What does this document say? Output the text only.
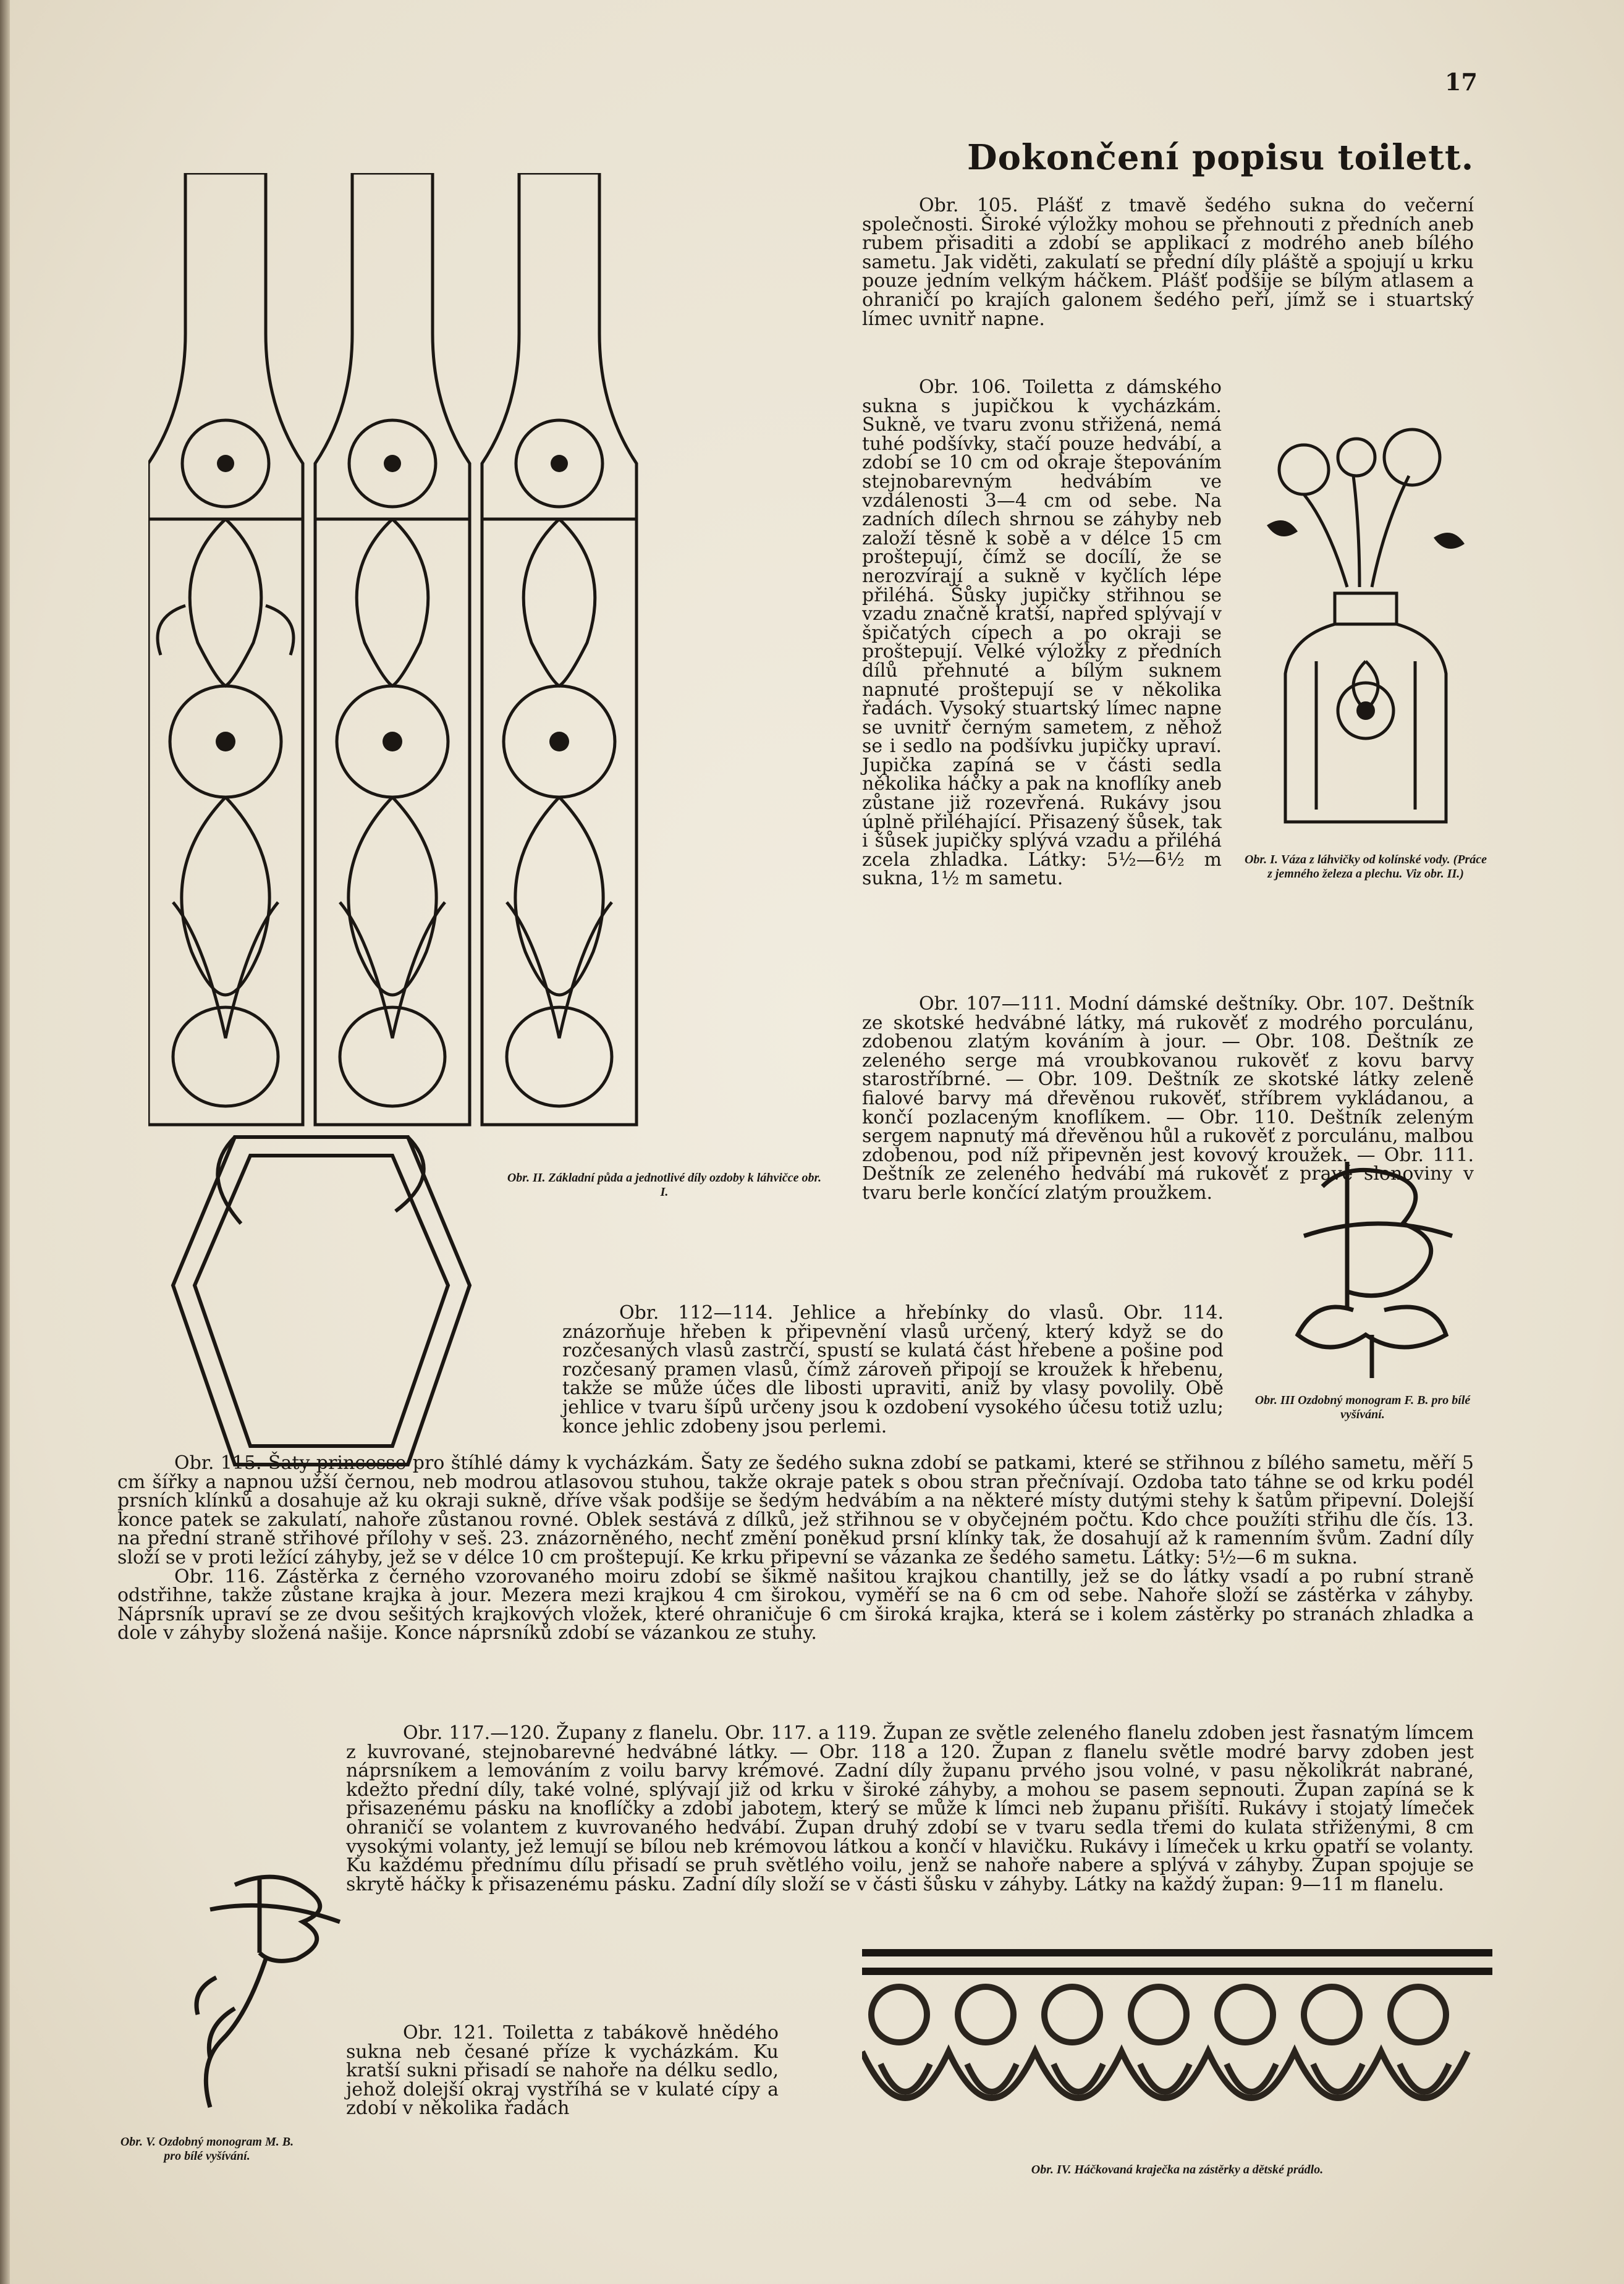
17
Dokončení popisu toilett.
Obr. II. Základní půda a jednotlivé díly ozdoby k láhvičce obr. I.
Obr. I. Váza z láhvičky od kolínské vody. (Práce z jemného železa a plechu. Viz obr. II.)
Obr. III Ozdobný monogram F. B. pro bílé vyšívání.
Obr. V. Ozdobný monogram M. B. pro bílé vyšívání.
Obr. IV. Háčkovaná kraječka na zástěrky a dětské prádlo.

Obr. 105. Plášť z tmavě šedého sukna do večerní společnosti. Široké výložky mohou se přehnouti z předních aneb rubem přisaditi a zdobí se applikací z modrého aneb bílého sametu. Jak viděti, zakulatí se přední díly pláště a spojují u krku pouze jedním velkým háčkem. Plášť podšije se bílým atlasem a ohraničí po krajích galonem šedého peří, jímž se i stuartský límec uvnitř napne.

Obr. 106. Toiletta z dámského sukna s jupičkou k vycházkám. Sukně, ve tvaru zvonu střižená, nemá tuhé podšívky, stačí pouze hedvábí, a zdobí se 10 cm od okraje štepováním stejnobarevným hedvábím ve vzdálenosti 3—4 cm od sebe. Na zadních dílech shrnou se záhyby neb založí těsně k sobě a v délce 15 cm proštepují, čímž se docílí, že se nerozvírají a sukně v kyčlích lépe přiléhá. Šůsky jupičky střihnou se vzadu značně kratší, napřed splývají v špičatých cípech a po okraji se proštepují. Velké výložky z předních dílů přehnuté a bílým suknem napnuté proštepují se v několika řadách. Vysoký stuartský límec napne se uvnitř černým sametem, z něhož se i sedlo na podšívku jupičky upraví. Jupička zapíná se v části sedla několika háčky a pak na knoflíky aneb zůstane již rozevřená. Rukávy jsou úplně přiléhající. Přisazený šůsek, tak i šůsek jupičky splývá vzadu a přiléhá zcela zhladka. Látky: 5½—6½ m sukna, 1½ m sametu.

Obr. 107—111. Modní dámské deštníky. Obr. 107. Deštník ze skotské hedvábné látky, má rukověť z modrého porculánu, zdobenou zlatým kováním à jour. — Obr. 108. Deštník ze zeleného serge má vroubkovanou rukověť z kovu barvy starostříbrné. — Obr. 109. Deštník ze skotské látky zeleně fialové barvy má dřevěnou rukověť, stříbrem vykládanou, a končí pozlaceným knoflíkem. — Obr. 110. Deštník zeleným sergem napnutý má dřevěnou hůl a rukověť z porculánu, malbou zdobenou, pod níž připevněn jest kovový kroužek. — Obr. 111. Deštník ze zeleného hedvábí má rukověť z pravé slonoviny v tvaru berle končící zlatým proužkem.

Obr. 112—114. Jehlice a hřebínky do vlasů. Obr. 114. znázorňuje hřeben k připevnění vlasů určený, který když se do rozčesaných vlasů zastrčí, spustí se kulatá část hřebene a pošine pod rozčesaný pramen vlasů, čímž zároveň připojí se kroužek k hřebenu, takže se může účes dle libosti upraviti, aniž by vlasy povolily. Obě jehlice v tvaru šípů určeny jsou k ozdobení vysokého účesu totiž uzlu; konce jehlic zdobeny jsou perlemi.

Obr. 115. Šaty princesse pro štíhlé dámy k vycházkám. Šaty ze šedého sukna zdobí se patkami, které se střihnou z bílého sametu, měří 5 cm šířky a napnou užší černou, neb modrou atlasovou stuhou, takže okraje patek s obou stran přečnívají. Ozdoba tato táhne se od krku podél prsních klínků a dosahuje až ku okraji sukně, dříve však podšije se šedým hedvábím a na některé místy dutými stehy k šatům připevní. Dolejší konce patek se zakulatí, nahoře zůstanou rovné. Oblek sestává z dílků, jež střihnou se v obyčejném počtu. Kdo chce použíti střihu dle čís. 13. na přední straně střihové přílohy v seš. 23. znázorněného, nechť změní poněkud prsní klínky tak, že dosahují až k ramenním švům. Zadní díly složí se v proti ležící záhyby, jež se v délce 10 cm proštepují. Ke krku připevní se vázanka ze šedého sametu. Látky: 5½—6 m sukna.

Obr. 116. Zástěrka z černého vzorovaného moiru zdobí se šikmě našitou krajkou chantilly, jež se do látky vsadí a po rubní straně odstřihne, takže zůstane krajka à jour. Mezera mezi krajkou 4 cm širokou, vyměří se na 6 cm od sebe. Nahoře složí se zástěrka v záhyby. Náprsník upraví se ze dvou sešitých krajkových vložek, které ohraničuje 6 cm široká krajka, která se i kolem zástěrky po stranách zhladka a dole v záhyby složená našije. Konce náprsníků zdobí se vázankou ze stuhy.

Obr. 117.—120. Župany z flanelu. Obr. 117. a 119. Župan ze světle zeleného flanelu zdoben jest řasnatým límcem z kuvrované, stejnobarevné hedvábné látky. — Obr. 118 a 120. Župan z flanelu světle modré barvy zdoben jest náprsníkem a lemováním z voilu barvy krémové. Zadní díly županu prvého jsou volné, v pasu několikrát nabrané, kdežto přední díly, také volné, splývají již od krku v široké záhyby, a mohou se pasem sepnouti. Župan zapíná se k přisazenému pásku na knoflíčky a zdobí jabotem, který se může k límci neb županu přišíti. Rukávy i stojatý límeček ohraničí se volantem z kuvrovaného hedvábí. Župan druhý zdobí se v tvaru sedla třemi do kulata střiženými, 8 cm vysokými volanty, jež lemují se bílou neb krémovou látkou a končí v hlavičku. Rukávy i límeček u krku opatří se volanty. Ku každému přednímu dílu přisadí se pruh světlého voilu, jenž se nahoře nabere a splývá v záhyby. Župan spojuje se skrytě háčky k přisazenému pásku. Zadní díly složí se v části šůsku v záhyby. Látky na každý župan: 9—11 m flanelu.

Obr. 121. Toiletta z tabákově hnědého sukna neb česané příze k vycházkám. Ku kratší sukni přisadí se nahoře na délku sedlo, jehož dolejší okraj vystříhá se v kulaté cípy a zdobí v několika řadách
